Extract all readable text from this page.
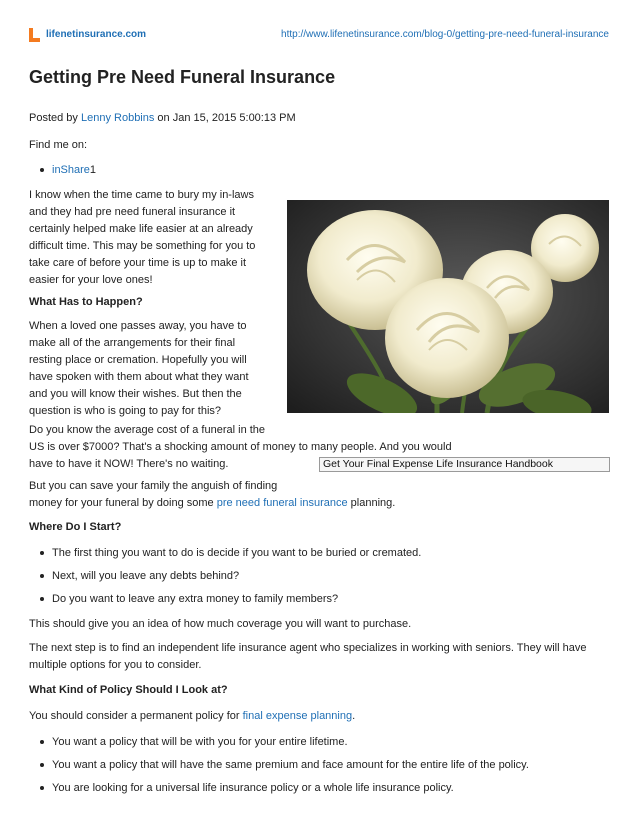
lifenetinsurance.com	http://www.lifenetinsurance.com/blog-0/getting-pre-need-funeral-insurance
Getting Pre Need Funeral Insurance

Posted by Lenny Robbins on Jan 15, 2015 5:00:13 PM

Find me on:

inShare1

I know when the time came to bury my in-laws

and they had pre need funeral insurance it

certainly helped make life easier at an already

difficult time. This may be something for you to

take care of before your time is up to make it

easier for your love ones!

What Has to Happen?

When a loved one passes away, you have to

make all of the arrangements for their final

resting place or cremation. Hopefully you will

have spoken with them about what they want

and you will know their wishes. But then the

question is who is going to pay for this?

Do you know the average cost of a funeral in the

US is over $7000? That's a shocking amount of money to many people. And you would

have to have it NOW! There's no waiting.	Get Your Final Expense Life Insurance Handbook

But you can save your family the anguish of finding

money for your funeral by doing some pre need funeral insurance planning.

Where Do I Start?

The first thing you want to do is decide if you want to be buried or cremated.

Next, will you leave any debts behind?

Do you want to leave any extra money to family members?

This should give you an idea of how much coverage you will want to purchase.

The next step is to find an independent life insurance agent who specializes in working with seniors. They will have

multiple options for you to consider.

What Kind of Policy Should I Look at?

You should consider a permanent policy for final expense planning.

You want a policy that will be with you for your entire lifetime.

You want a policy that will have the same premium and face amount for the entire life of the policy.

You are looking for a universal life insurance policy or a whole life insurance policy.
